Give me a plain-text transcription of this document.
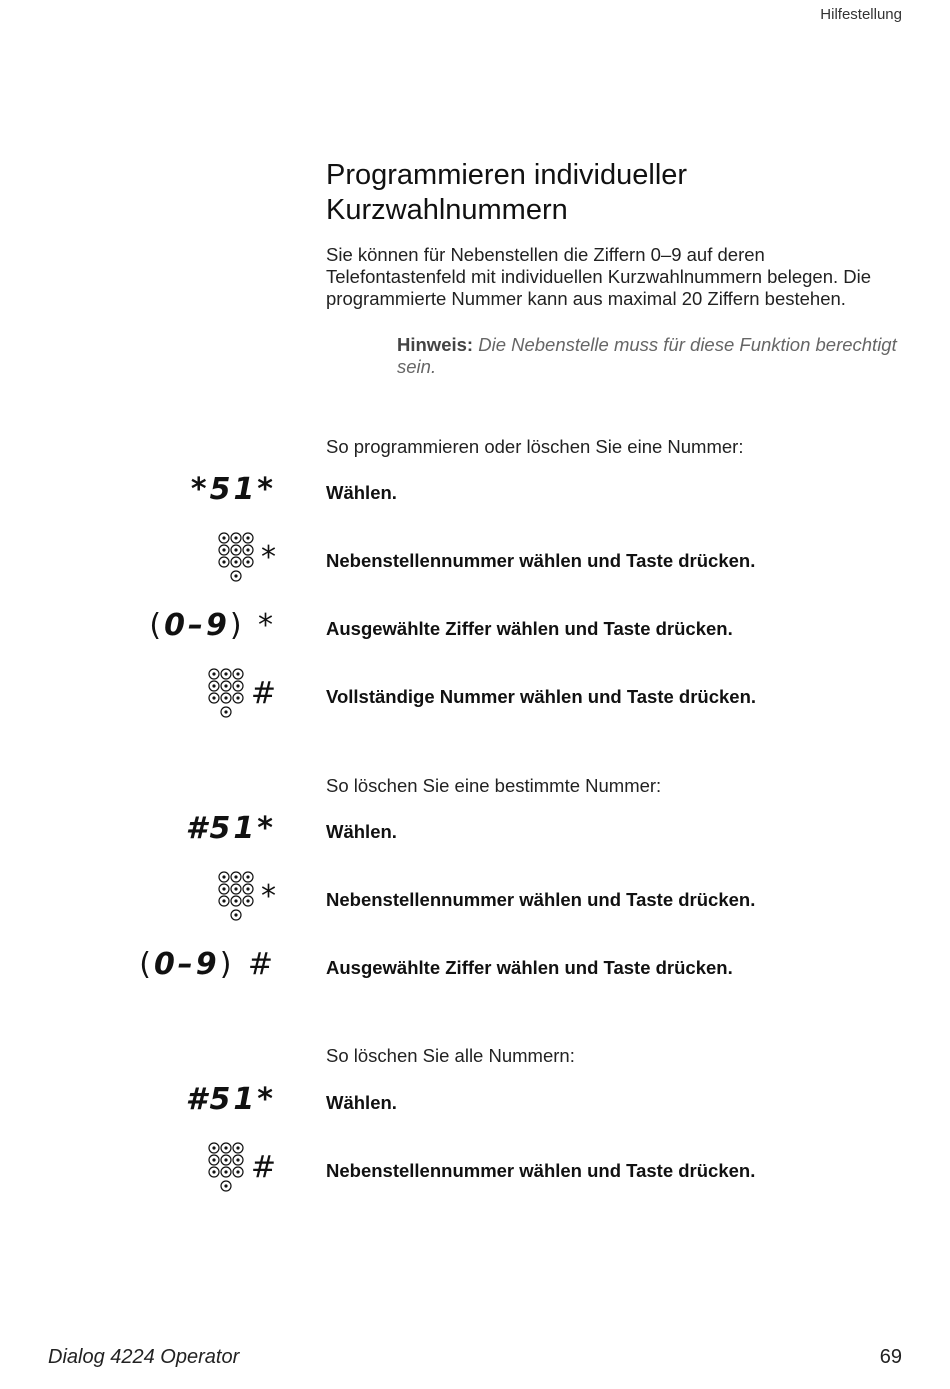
Hilfestellung
Programmieren individueller Kurzwahlnummern
Sie können für Nebenstellen die Ziffern 0–9 auf deren Telefontastenfeld mit individuellen Kurzwahlnummern belegen. Die programmierte Nummer kann aus maximal 20 Ziffern bestehen.
Hinweis: Die Nebenstelle muss für diese Funktion berechtigt sein.
So programmieren oder löschen Sie eine Nummer:
*51*	Wählen.
*	Nebenstellennummer wählen und Taste drücken.
(0–9) *	Ausgewählte Ziffer wählen und Taste drücken.
#	Vollständige Nummer wählen und Taste drücken.
So löschen Sie eine bestimmte Nummer:
#51*	Wählen.
*	Nebenstellennummer wählen und Taste drücken.
(0–9) #	Ausgewählte Ziffer wählen und Taste drücken.
So löschen Sie alle Nummern:
#51*	Wählen.
#	Nebenstellennummer wählen und Taste drücken.
Dialog 4224 Operator	69
